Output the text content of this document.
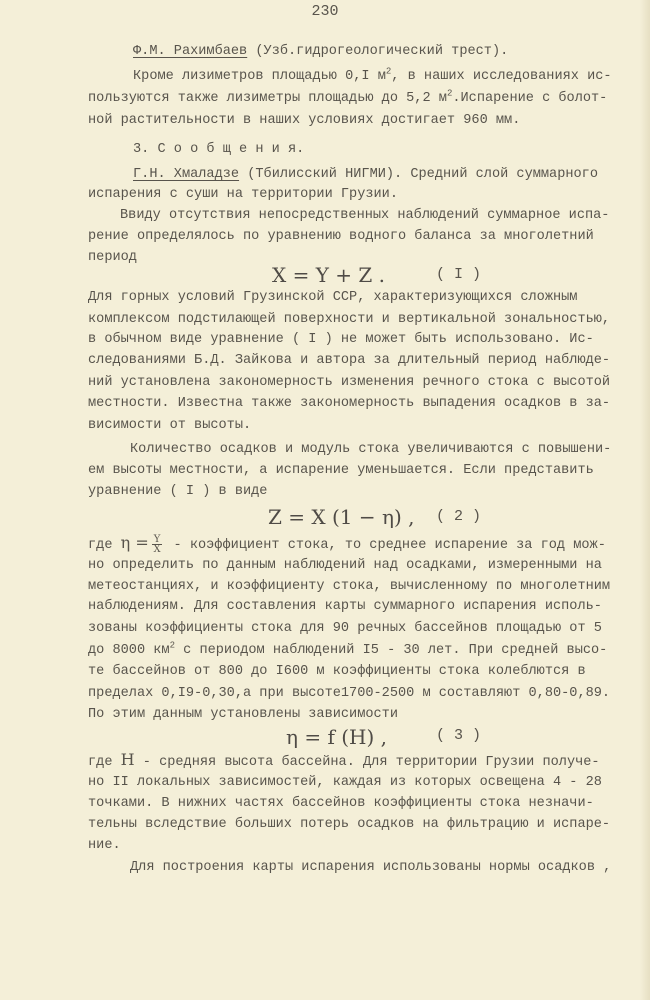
230
Ф.М. Рахимбаев (Узб.гидрогеологический трест).
Кроме лизиметров площадью 0,I $м^2$, в наших исследованиях ис-
пользуются также лизиметры площадью до 5,2 $м^2.Испарение$ с болот-
ной растительности в наших условиях достигает 960 мм.
3. С о о б щ е н и я.
Г.Н. Хмаладзе (Тбилисский НИГМИ). Средний слой суммарного
испарения с суши на территории Грузии.
Ввиду отсутствия непосредственных наблюдений суммарное испа-
рение определялось по уравнению водного баланса за многолетний
период
X = Y + Z .	( I )
Для горных условий Грузинской ССР, характеризующихся сложным
комплексом подстилающей поверхности и вертикальной зональностью,
в обычном виде уравнение ( I ) не может быть использовано. Ис-
следованиями Б.Д. Зайкова и автора за длительный период наблюде-
ний установлена закономерность изменения речного стока с высотой
местности. Известна также закономерность выпадения осадков в за-
висимости от высоты.
Количество осадков и модуль стока увеличиваются с повышени-
ем высоты местности, а испарение уменьшается. Если представить
уравнение ( I ) в виде
Z = X (1 − η) , ( 2 )
где $\eta = \frac{Y}{X}$ - коэффициент стока, то среднее испарение за год мож-
но определить по данным наблюдений над осадками, измеренными на
метеостанциях, и коэффициенту стока, вычисленному по многолетним
наблюдениям. Для составления карты суммарного испарения исполь-
зованы коэффициенты стока для 90 речных бассейнов площадью от 5
до 8000 $км^2$ с периодом наблюдений I5 - 30 лет. При средней высо-
те бассейнов от 800 до I600 м коэффициенты стока колеблются в
пределах 0,I9-0,30,а при высоте1700-2500 м составляют 0,80-0,89.
По этим данным установлены зависимости
η = f (H) ,	( 3 )
где H - средняя высота бассейна. Для территории Грузии получе-
но II локальных зависимостей, каждая из которых освещена 4 - 28
точками. В нижних частях бассейнов коэффициенты стока незначи-
тельны вследствие больших потерь осадков на фильтрацию и испаре-
ние.
Для построения карты испарения использованы нормы осадков ,
